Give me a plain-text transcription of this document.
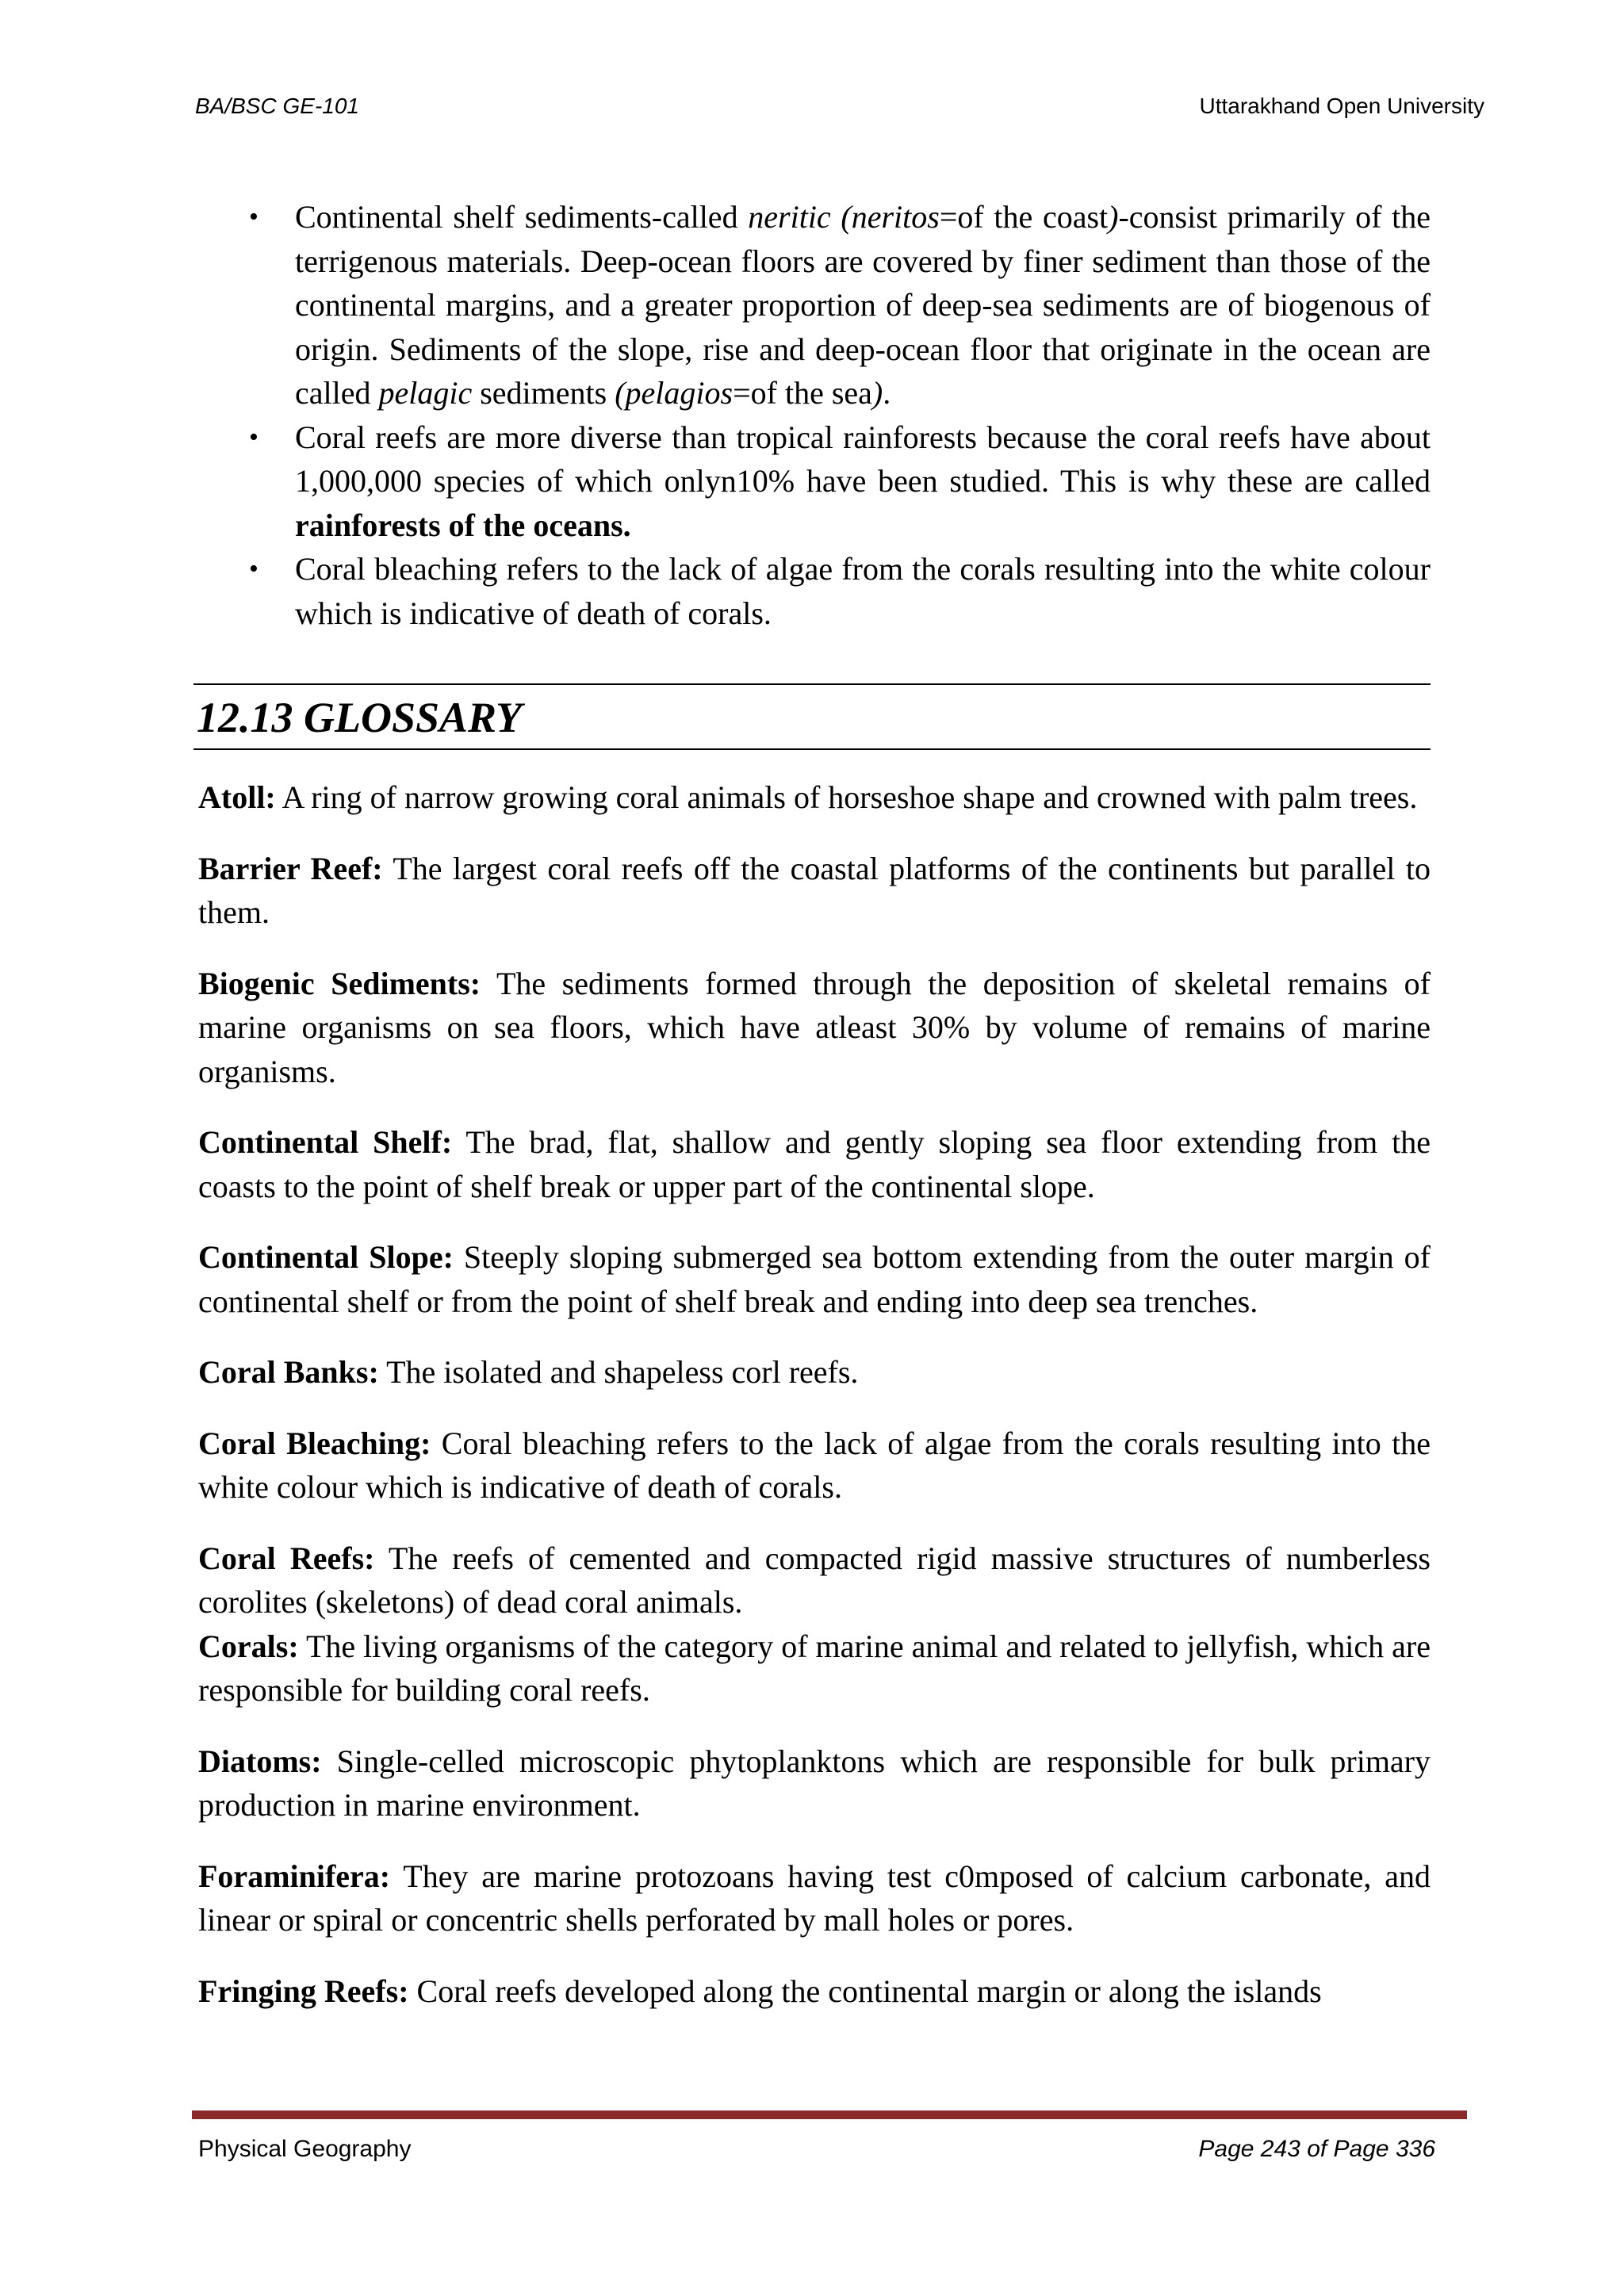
BA/BSC GE-101	Uttarakhand Open University
• Continental shelf sediments-called neritic (neritos=of the coast)-consist primarily of the terrigenous materials. Deep-ocean floors are covered by finer sediment than those of the continental margins, and a greater proportion of deep-sea sediments are of biogenous of origin. Sediments of the slope, rise and deep-ocean floor that originate in the ocean are called pelagic sediments (pelagios=of the sea).
• Coral reefs are more diverse than tropical rainforests because the coral reefs have about 1,000,000 species of which onlyn10% have been studied. This is why these are called rainforests of the oceans.
• Coral bleaching refers to the lack of algae from the corals resulting into the white colour which is indicative of death of corals.
12.13 GLOSSARY

Atoll: A ring of narrow growing coral animals of horseshoe shape and crowned with palm trees.

Barrier Reef: The largest coral reefs off the coastal platforms of the continents but parallel to them.

Biogenic Sediments: The sediments formed through the deposition of skeletal remains of marine organisms on sea floors, which have atleast 30% by volume of remains of marine organisms.

Continental Shelf: The brad, flat, shallow and gently sloping sea floor extending from the coasts to the point of shelf break or upper part of the continental slope.

Continental Slope: Steeply sloping submerged sea bottom extending from the outer margin of continental shelf or from the point of shelf break and ending into deep sea trenches.

Coral Banks: The isolated and shapeless corl reefs.

Coral Bleaching: Coral bleaching refers to the lack of algae from the corals resulting into the white colour which is indicative of death of corals.

Coral Reefs: The reefs of cemented and compacted rigid massive structures of numberless corolites (skeletons) of dead coral animals.

Corals: The living organisms of the category of marine animal and related to jellyfish, which are responsible for building coral reefs.

Diatoms: Single-celled microscopic phytoplanktons which are responsible for bulk primary production in marine environment.

Foraminifera: They are marine protozoans having test c0mposed of calcium carbonate, and linear or spiral or concentric shells perforated by mall holes or pores.

Fringing Reefs: Coral reefs developed along the continental margin or along the islands

Physical Geography	Page 243 of Page 336
